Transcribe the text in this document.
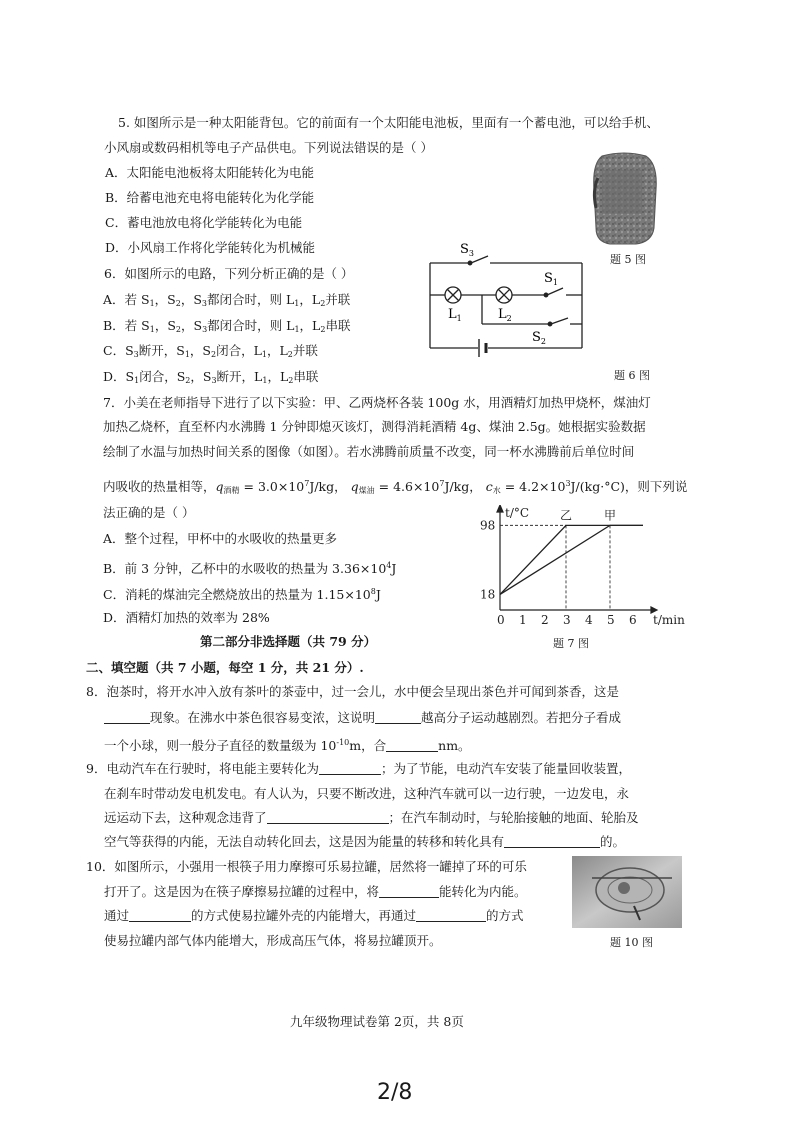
5. 如图所示是一种太阳能背包。它的前面有一个太阳能电池板，里面有一个蓄电池，可以给手机、
小风扇或数码相机等电子产品供电。下列说法错误的是（ ）
A．太阳能电池板将太阳能转化为电能
B．给蓄电池充电将电能转化为化学能
C．蓄电池放电将化学能转化为电能
D．小风扇工作将化学能转化为机械能
题 5 图
6．如图所示的电路，下列分析正确的是（ ）
A．若 $S_1$，$S_2$，$S_3$都闭合时，则 $L_1$，$L_2$并联
B．若 $S_1$，$S_2$，$S_3$都闭合时，则 $L_1$，$L_2$串联
C．$S_3$断开，$S_1$，$S_2$闭合，$L_1$，$L_2$并联
D．$S_1$闭合，$S_2$，$S_3$断开，$L_1$，$L_2$串联
$S_3$
$S_1$
$L_1$	$L_2$
$S_2$
题 6 图
7．小美在老师指导下进行了以下实验：甲、乙两烧杯各装 100g 水，用酒精灯加热甲烧杯，煤油灯
加热乙烧杯，直至杯内水沸腾 1 分钟即熄灭该灯，测得消耗酒精 4g、煤油 2.5g。她根据实验数据
绘制了水温与加热时间关系的图像（如图）。若水沸腾前质量不改变，同一杯水沸腾前后单位时间
内吸收的热量相等，$q_{酒精} = 3.0\times 10^7J/kg$， $q_{煤油} = 4.6\times 10^7J/kg$， $c_水 = 4.2\times 10^3J/(kg\cdot^\circ C)$，则下列说
法正确的是（ ）
A．整个过程，甲杯中的水吸收的热量更多
B．前 3 分钟，乙杯中的水吸收的热量为 $3.36\times 10^4J$
C．消耗的煤油完全燃烧放出的热量为 $1.15\times 10^8J$
D．酒精灯加热的效率为 28%	0 1 2 3 4 5 6
18
98
乙	甲
t/°C
t/min
题 7 图
第二部分非选择题（共 79 分）
二、填空题（共 7 小题，每空 1 分，共 21 分）.
8．泡茶时，将开水冲入放有茶叶的茶壶中，过一会儿，水中便会呈现出茶色并可闻到茶香，这是
现象。在沸水中茶色很容易变浓，这说明	越高分子运动越剧烈。若把分子看成
一个小球，则一般分子直径的数量级为 $10^{-10}m$，合	nm。
9．电动汽车在行驶时，将电能主要转化为	；为了节能，电动汽车安装了能量回收装置，
在刹车时带动发电机发电。有人认为，只要不断改进，这种汽车就可以一边行驶，一边发电，永
远运动下去，这种观念违背了	；在汽车制动时，与轮胎接触的地面、轮胎及
空气等获得的内能，无法自动转化回去，这是因为能量的转移和转化具有	的。
10．如图所示，小强用一根筷子用力摩擦可乐易拉罐，居然将一罐掉了环的可乐
打开了。这是因为在筷子摩擦易拉罐的过程中，将	能转化为内能。
通过	的方式使易拉罐外壳的内能增大，再通过	的方式
使易拉罐内部气体内能增大，形成高压气体，将易拉罐顶开。	题 10 图
九年级物理试卷第 2页，共 8页
2/8
